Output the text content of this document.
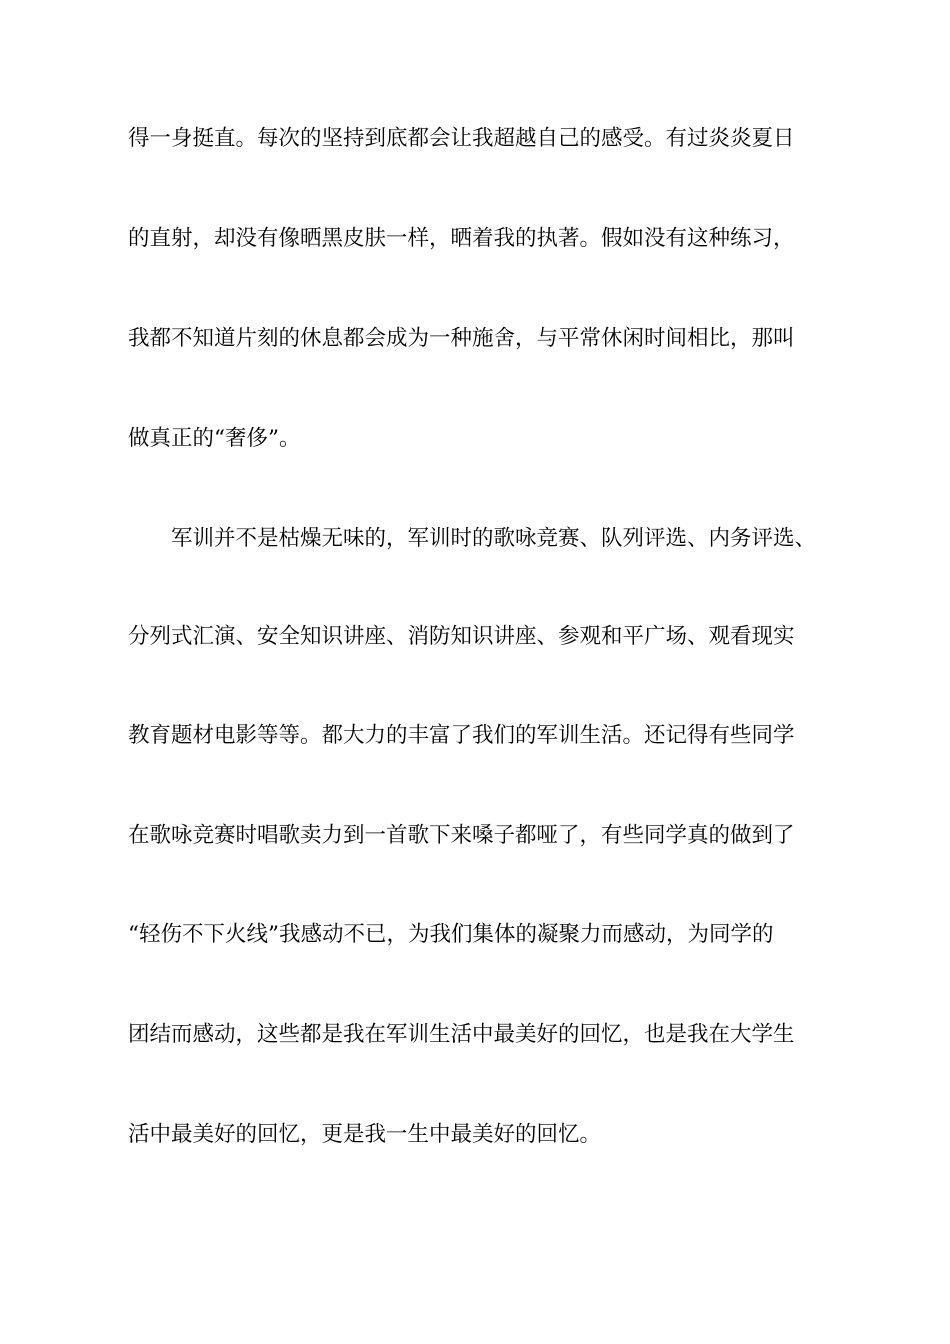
得一身挺直。每次的坚持到底都会让我超越自己的感受。有过炎炎夏日

的直射，却没有像晒黑皮肤一样，晒着我的执著。假如没有这种练习，

我都不知道片刻的休息都会成为一种施舍，与平常休闲时间相比，那叫

做真正的“奢侈”。

　　军训并不是枯燥无味的，军训时的歌咏竞赛、队列评选、内务评选、

分列式汇演、安全知识讲座、消防知识讲座、参观和平广场、观看现实

教育题材电影等等。都大力的丰富了我们的军训生活。还记得有些同学

在歌咏竞赛时唱歌卖力到一首歌下来嗓子都哑了，有些同学真的做到了

“轻伤不下火线”我感动不已，为我们集体的凝聚力而感动，为同学的

团结而感动，这些都是我在军训生活中最美好的回忆，也是我在大学生

活中最美好的回忆，更是我一生中最美好的回忆。
